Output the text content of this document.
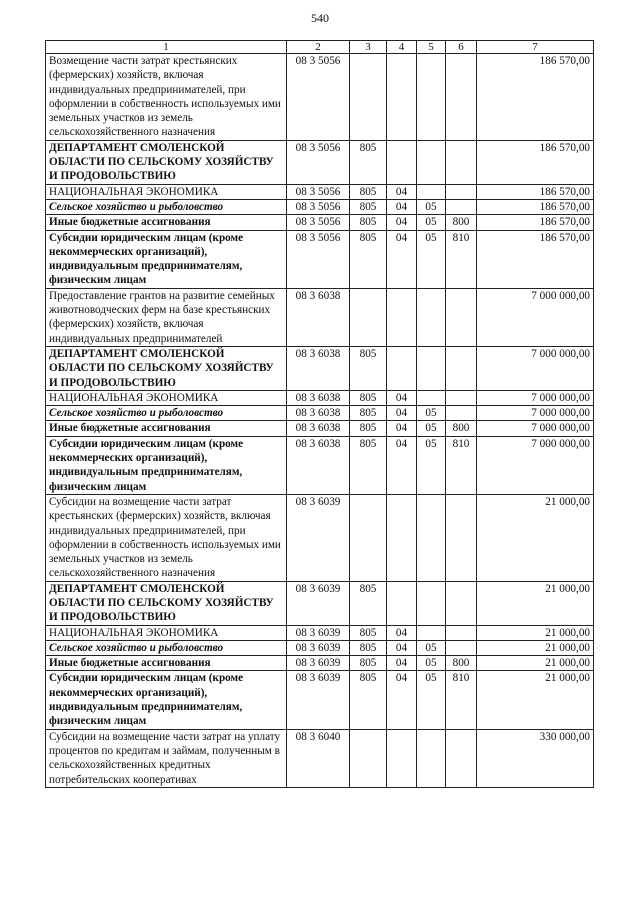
540
1	2	3	4	5	6	7
Возмещение части затрат крестьянских (фермерских) хозяйств, включая индивидуальных предпринимателей, при оформлении в собственность используемых ими земельных участков из земель сельскохозяйственного назначения	08 3 5056					186 570,00
ДЕПАРТАМЕНТ СМОЛЕНСКОЙ ОБЛАСТИ ПО СЕЛЬСКОМУ ХОЗЯЙСТВУ И ПРОДОВОЛЬСТВИЮ	08 3 5056	805				186 570,00
НАЦИОНАЛЬНАЯ ЭКОНОМИКА	08 3 5056	805	04			186 570,00
Сельское хозяйство и рыболовство	08 3 5056	805	04	05		186 570,00
Иные бюджетные ассигнования	08 3 5056	805	04	05	800	186 570,00
Субсидии юридическим лицам (кроме некоммерческих организаций), индивидуальным предпринимателям, физическим лицам	08 3 5056	805	04	05	810	186 570,00
Предоставление грантов на развитие семейных животноводческих ферм на базе крестьянских (фермерских) хозяйств, включая индивидуальных предпринимателей	08 3 6038					7 000 000,00
ДЕПАРТАМЕНТ СМОЛЕНСКОЙ ОБЛАСТИ ПО СЕЛЬСКОМУ ХОЗЯЙСТВУ И ПРОДОВОЛЬСТВИЮ	08 3 6038	805				7 000 000,00
НАЦИОНАЛЬНАЯ ЭКОНОМИКА	08 3 6038	805	04			7 000 000,00
Сельское хозяйство и рыболовство	08 3 6038	805	04	05		7 000 000,00
Иные бюджетные ассигнования	08 3 6038	805	04	05	800	7 000 000,00
Субсидии юридическим лицам (кроме некоммерческих организаций), индивидуальным предпринимателям, физическим лицам	08 3 6038	805	04	05	810	7 000 000,00
Субсидии на возмещение части затрат крестьянских (фермерских) хозяйств, включая индивидуальных предпринимателей, при оформлении в собственность используемых ими земельных участков из земель сельскохозяйственного назначения	08 3 6039					21 000,00
ДЕПАРТАМЕНТ СМОЛЕНСКОЙ ОБЛАСТИ ПО СЕЛЬСКОМУ ХОЗЯЙСТВУ И ПРОДОВОЛЬСТВИЮ	08 3 6039	805				21 000,00
НАЦИОНАЛЬНАЯ ЭКОНОМИКА	08 3 6039	805	04			21 000,00
Сельское хозяйство и рыболовство	08 3 6039	805	04	05		21 000,00
Иные бюджетные ассигнования	08 3 6039	805	04	05	800	21 000,00
Субсидии юридическим лицам (кроме некоммерческих организаций), индивидуальным предпринимателям, физическим лицам	08 3 6039	805	04	05	810	21 000,00
Субсидии на возмещение части затрат на уплату процентов по кредитам и займам, полученным в сельскохозяйственных кредитных потребительских кооперативах	08 3 6040					330 000,00
